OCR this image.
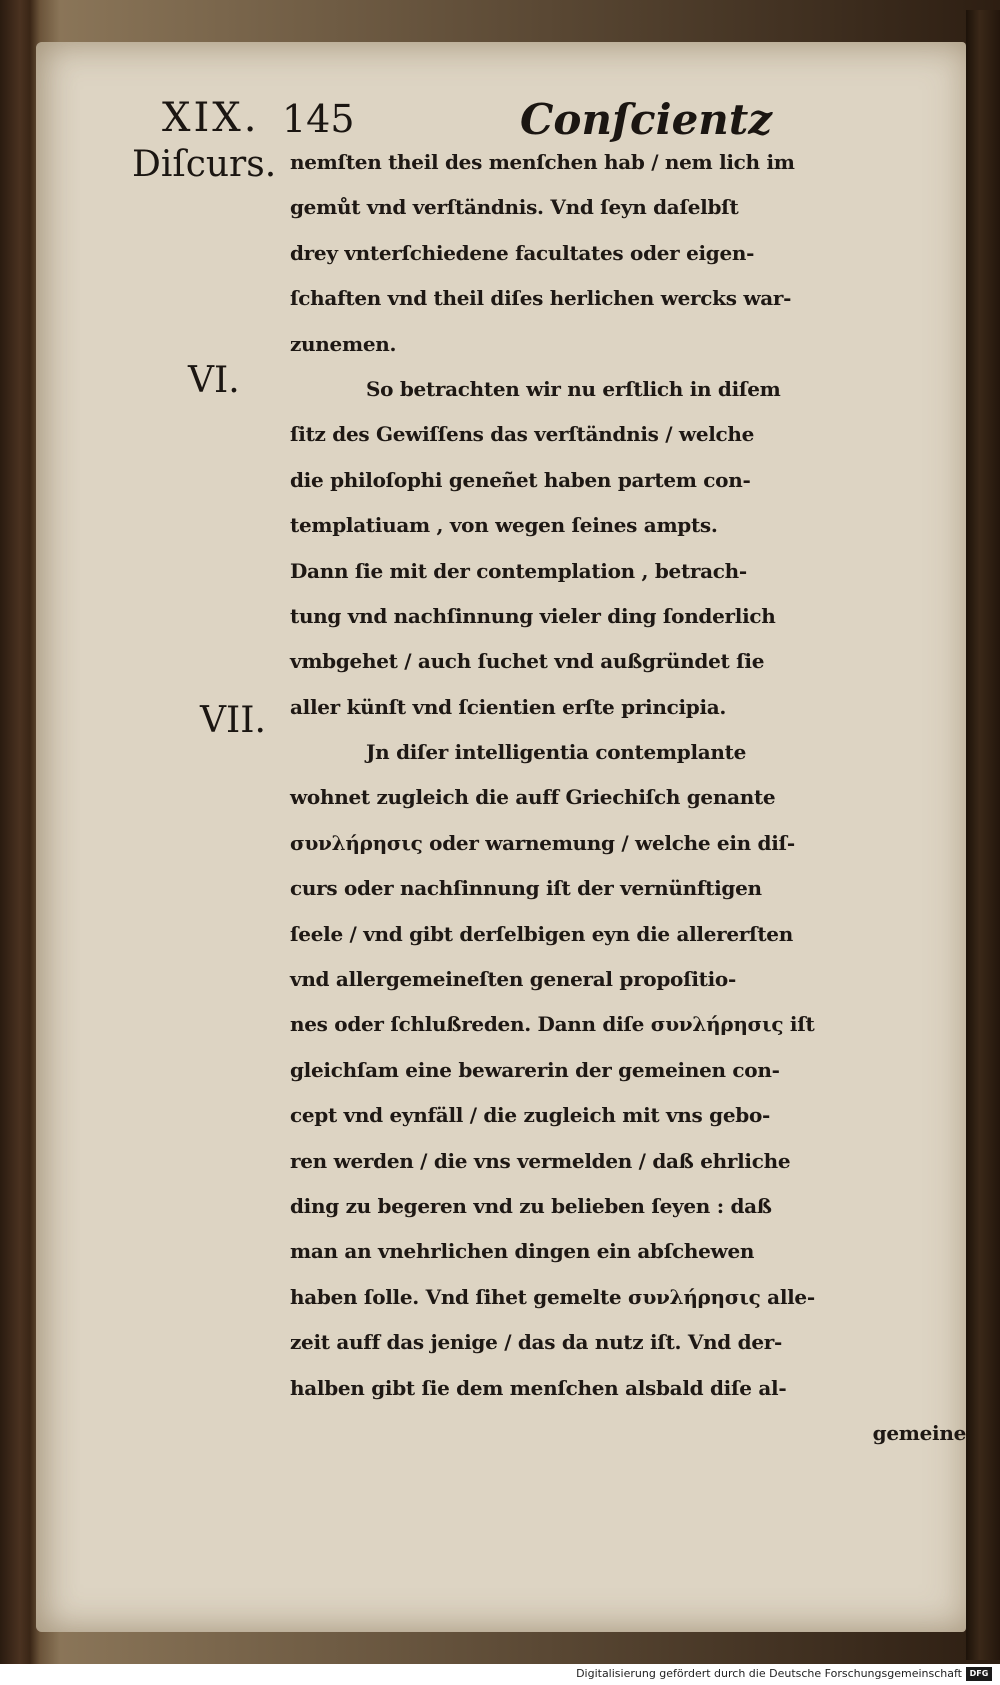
XIX. 145	Conſcientz
Diſcurs.
VI.
VII.
nemſten theil des menſchen hab / nem lich im
gemůt vnd verſtändnis. Vnd ſeyn daſelbſt
drey vnterſchiedene facultates oder eigen-
ſchaften vnd theil diſes herlichen wercks war-
zunemen.
So betrachten wir nu erſtlich in diſem
ſitz des Gewiſſens das verſtändnis / welche
die philoſophi geneñet haben partem con-
templatiuam , von wegen ſeines ampts.
Dann ſie mit der contemplation , betrach-
tung vnd nachſinnung vieler ding ſonderlich
vmbgehet / auch ſuchet vnd außgründet ſie
aller künſt vnd ſcientien erſte principia.
Jn diſer intelligentia contemplante
wohnet zugleich die auff Griechiſch genante
συνλήρησις oder warnemung / welche ein diſ-
curs oder nachſinnung iſt der vernünftigen
ſeele / vnd gibt derſelbigen eyn die allererſten
vnd allergemeineſten general propoſitio-
nes oder ſchlußreden. Dann diſe συνλήρησις iſt
gleichſam eine bewarerin der gemeinen con-
cept vnd eynfäll / die zugleich mit vns gebo-
ren werden / die vns vermelden / daß ehrliche
ding zu begeren vnd zu belieben ſeyen : daß
man an vnehrlichen dingen ein abſchewen
haben ſolle. Vnd ſihet gemelte συνλήρησις alle-
zeit auff das jenige / das da nutz iſt. Vnd der-
halben gibt ſie dem menſchen alsbald diſe al-
gemeine
Digitalisierung gefördert durch die Deutsche Forschungsgemeinschaft DFG
